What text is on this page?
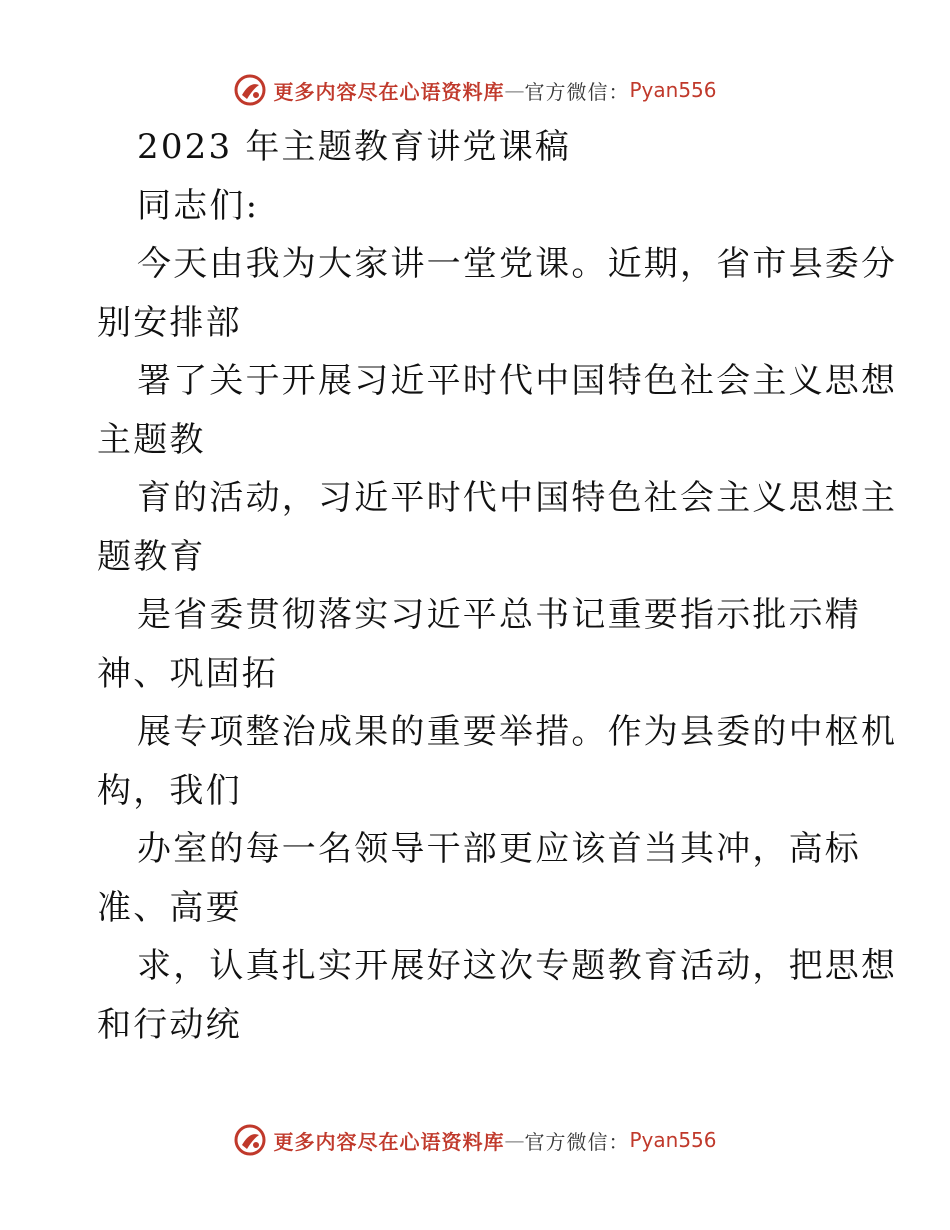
更多内容尽在心语资料库 — 官方微信： Pyan556
2023 年主题教育讲党课稿
同志们:
今天由我为大家讲一堂党课。近期，省市县委分
别安排部
署了关于开展习近平时代中国特色社会主义思想
主题教
育的活动，习近平时代中国特色社会主义思想主
题教育
是省委贯彻落实习近平总书记重要指示批示精
神、巩固拓
展专项整治成果的重要举措。作为县委的中枢机
构，我们
办室的每一名领导干部更应该首当其冲，高标
准、高要
求，认真扎实开展好这次专题教育活动，把思想
和行动统
更多内容尽在心语资料库 — 官方微信： Pyan556
